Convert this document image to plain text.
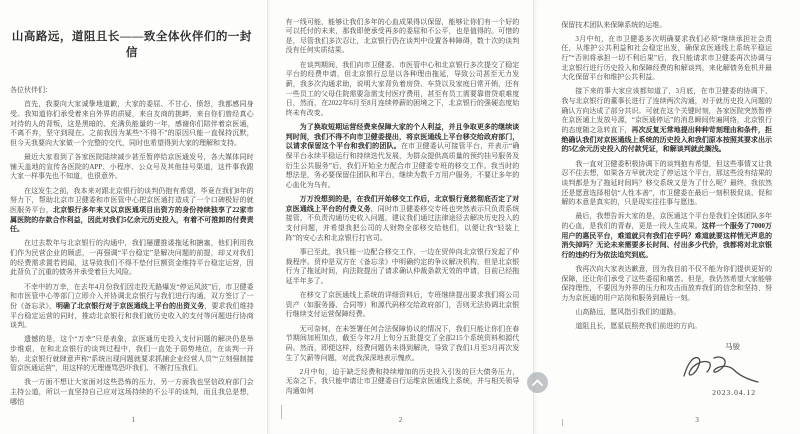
山高路远，道阻且长——致全体伙伴们的一封信
各位伙伴们：

首先，我要向大家诚挚地道歉，大家的委屈、不甘心、愤怒，我都感同身受。我知道你们承受着来自外界的质疑，来自友商的挑衅，来自你们曾经真心对待的人的背叛，这是黑暗的、充满负能量的一年，感谢你们陪伴着京医通，不离不弃，坚守到现在。之前我因为某些“不得不”的原因只能一直保持沉默，但今天我要向大家做一个完整的交代，同时也希望得到大家的理解和支持。

最近大家看到了各家医院陆续减少甚至暂停给京医通发号，各大媒体同时铺天盖地的宣传各医院的APP、小程序、公众号及其他挂号渠道，这件事我跟大家一样事先也不知道，也很意外。

在这发生之前，我本来对跟北京银行的谈判仍抱有希望，毕竟在我们8年的努力下，帮助北京市卫健委和市医管中心把京医通打造成了一个口碑极好的就医服务平台，北京银行多年来又以京医通项目出资方的身份持续独享了22家市属医院的存款合作利益，因此对我们5亿余元历史投入，有着不可推卸的付费责任。

在过去数年与北京银行的沟通中，我们屡遭推诿拖延和搪塞，他们利用我们作为民营企业的顾虑，一再强调“平台稳定”是解决问题的前提，却又对我们的经费需求置若罔闻，这导致我们不得不垫付巨额资金维持平台稳定运营，因此背负了沉重的债务并承受着巨大风险。

不幸中的万幸，在去年4月份我们因走投无路爆发“停运风波”后，市卫健委和市医管中心等部门立即介入并协调北京银行与我们进行沟通，双方签订了一份《备忘录》，明确了北京银行对于京医通线上平台的出资义务，要求我们维持平台稳定运营的同时，推动北京银行和我们就历史收入的支付等问题进行协商谈判。

遗憾的是，这个“万幸”只是表象，京医通历史投入支付问题的解决仍是举步维艰，在和北京银行的谈判过程中，我们一直处于弱势地位，在谈判一开始，北京银行就肆意声称“系统出现问题就要求抓捕企业经营人员”“立刻强制接管京医通运营”，用这样的无理谩骂恐吓我们、不断打压我们。

我一方面不想让大家面对这些恐怖的压力，另一方面我也坚信政府部门会主持公道，所以一直坚持自己应对这场持续的不公平的谈判，而且我总是想，哪怕

1

有一线可能，能够让我们多年的心血成果得以保留，能够让你们有一个好的可以托付的未来，那我即使承受再多的委屈和不公平，也是值得的。可惜的是，尽管我们多次忍让，北京银行仍在谈判中设置各种障碍，数十次的谈判没有任何实质结果。

在谈判期间，我们向市卫健委、市医管中心和北京银行多次提交了稳定平台的经费申请，但北京银行总是以各种理由拖延，导致公司甚至无力发薪，我多次沟通求助，说明大家背负着房贷、车贷以及家庭日常开销，还有一些员工的父母住院需要急需支付医疗费用，甚至有员工需要靠借贷艰难度日，然而，在2022年6月至8月连续停薪的困境之下，北京银行的强硬态度始终未有改变。

为了换取短期运营经费来保障大家的个人利益，并且争取更多的继续谈判时间，我们不得不向市卫健委提出，将京医通线上平台移交给政府部门，以请求保留这个平台和我们的团队。在市卫健委认可接管平台，并表示“确保平台永续平稳运行和持续迭代发展，为群众提供高质量的预约挂号服务及衍生公共服务”后，我们开始全力配合市卫健委专班的移交工作。我当时的想法是，务必要保留住团队和平台，继续为数千万用户服务，不要让多年的心血化为乌有。

万万没想到的是，在我们开始移交工作后，北京银行竟然彻底否定了对京医通线上平台的付费义务，同时市卫健委移交专班也突然表示只负责系统接管，不负责沟通历史收入问题，建议我们通过法律途径去解决历史投入的支付问题，并希望我把公司的人财物全部移交给他们，以便让我“轻装上阵”的安心去和北京银行打官司。

事已至此，我只能一边配合移交工作，一边在贸仲向北京银行发起了仲裁程序。贸仲是双方在《备忘录》中明确约定的争议解决机构，但是北京银行为了拖延时间，向法院提出了请求确认仲裁条款无效的申请，目前已经拖延半年多了。

在移交了京医通线上系统的详细资料后，专班继续提出要求我们将公司资产（如服务器、合同等）和源代码移交给政府部门，否则无法协调北京银行继续支付运营保障经费。

无可奈何，在未签署任何合法保障协议的情况下，我们只能让你们在春节期间加班加点，截至今年2月上旬分五批提交了全部215个系统资料和源代码。然而，即便这样，经费问题仍未得到解决，导致了我们1月至3月再次发生了欠薪等问题，对此我深深地表示愧疚。

2月中旬，迫于缺乏经费和持续增加的历史投入引发的巨大债务压力，无奈之下，我只能申请让市卫健委自行运维京医通线上系统，并与相关领导沟通如何

2

保留技术团队来保障系统的运维。

3月中旬，在市卫健委多次明确要求我们必须“继续承担社会责任，从维护公共利益和社会稳定出发，确保京医通线上系统平稳运行”“否则将承担一切不利后果”后，我只能请求市卫健委再次协调与北京银行进行历史投入和保障经费的和解谈判，来化解债务危机并最大化保留平台和维护公共利益。

接下来的事大家应该都知道了，3月底，在市卫健委的协调下，我与北京银行的董事长进行了连续两次沟通，对于就历史投入问题的确认方向达成了部分共识。可就在这个关键时刻，各家医院突然暂停在京医通上发放号源，“京医通停运”的消息瞬间传遍网络，北京银行的态度随之急转直下，再次反复无常地提出种种苛刻理由和条件，拒绝确认我们对京医通线上系统的历史投入和我们原本按照其要求出示的5亿余元历史投入的付款凭证，和解谈判就此搁浅。

我一直对卫健委积极协调下的谈判抱有希望，但这些事情又让我忍不住去想，如果各方早就决定了停运这个平台，那这些没有结果的谈判都是为了拖延时间吗？移交系统又是为了什么呢？最终，我依然还是愿意选择相信“人性本善”，市卫健委在最后一刻积极促谈、促和解的本意是真实的，只是现实往往事与愿违。

最后，我想告诉大家的是，京医通这个平台是我们全体团队多年的心血，是我们的青春，更是一段人生成果。这样一个服务了7000万用户的惠民平台，难道就只有我们在乎吗？难道就要这样悄无声息的消失掉吗？无论未来需要多长时间、付出多少代价，我都将对北京银行的违约行为依法追究到底。

我再次向大家表达歉意，因为我目前不仅不能为你们提供更好的保障，还让你们承受了这些委屈和痛苦。但是，我仍然希望大家能够保持理性，不要因为外界的压力和攻击而放弃我们的信念和坚持，努力为京医通的用户站岗和服务到最后一刻。

山高路远，愿风指引我们的道路。

道阻且长，愿星辰照亮我们前进的方向。

马骏
2023.04.12
3
